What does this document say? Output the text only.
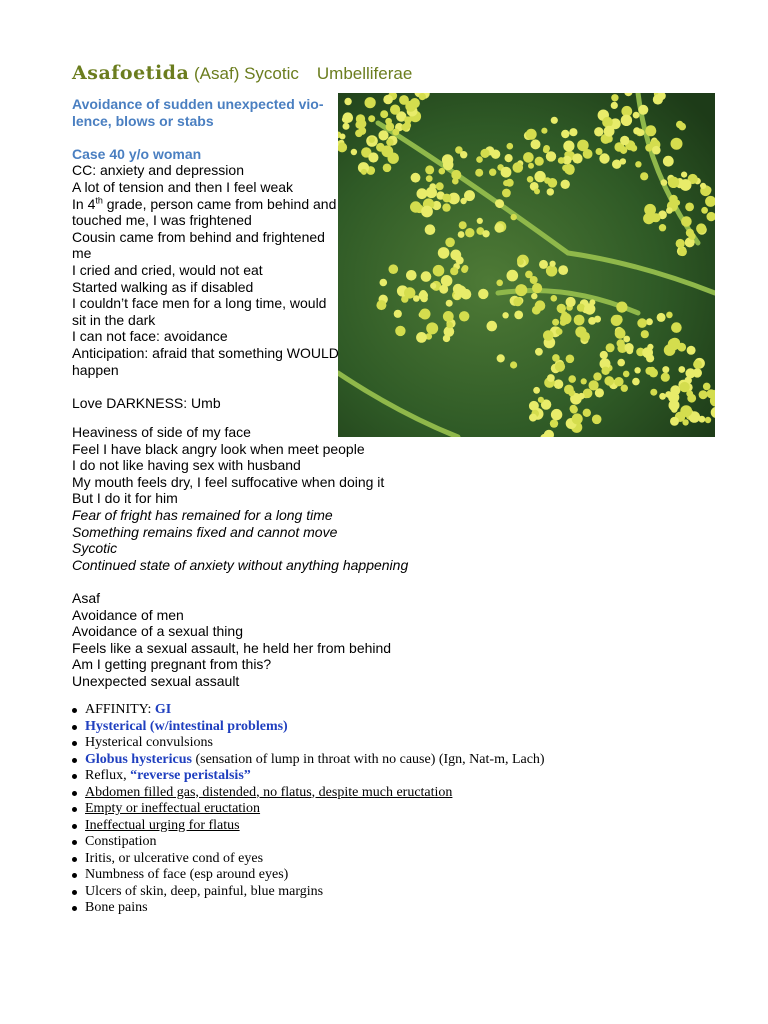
Asafoetida (Asaf) Sycotic Umbelliferae
Avoidance of sudden unexpected vio-
lence, blows or stabs
Case 40 y/o woman
CC: anxiety and depression
A lot of tension and then I feel weak
In 4th grade, person came from behind and
touched me, I was frightened
Cousin came from behind and frightened
me
I cried and cried, would not eat
Started walking as if disabled
I couldn’t face men for a long time, would
sit in the dark
I can not face: avoidance
Anticipation: afraid that something WOULD
happen
Love DARKNESS: Umb
Heaviness of side of my face
Feel I have black angry look when meet people
I do not like having sex with husband
My mouth feels dry, I feel suffocative when doing it
But I do it for him
Fear of fright has remained for a long time
Something remains fixed and cannot move
Sycotic
Continued state of anxiety without anything happening
Asaf
Avoidance of men
Avoidance of a sexual thing
Feels like a sexual assault, he held her from behind
Am I getting pregnant from this?
Unexpected sexual assault
AFFINITY: GI
Hysterical (w/intestinal problems)
Hysterical convulsions
Globus hystericus (sensation of lump in throat with no cause) (Ign, Nat-m, Lach)
Reflux, “reverse peristalsis”
Abdomen filled gas, distended, no flatus, despite much eructation
Empty or ineffectual eructation
Ineffectual urging for flatus
Constipation
Iritis, or ulcerative cond of eyes
Numbness of face (esp around eyes)
Ulcers of skin, deep, painful, blue margins
Bone pains
